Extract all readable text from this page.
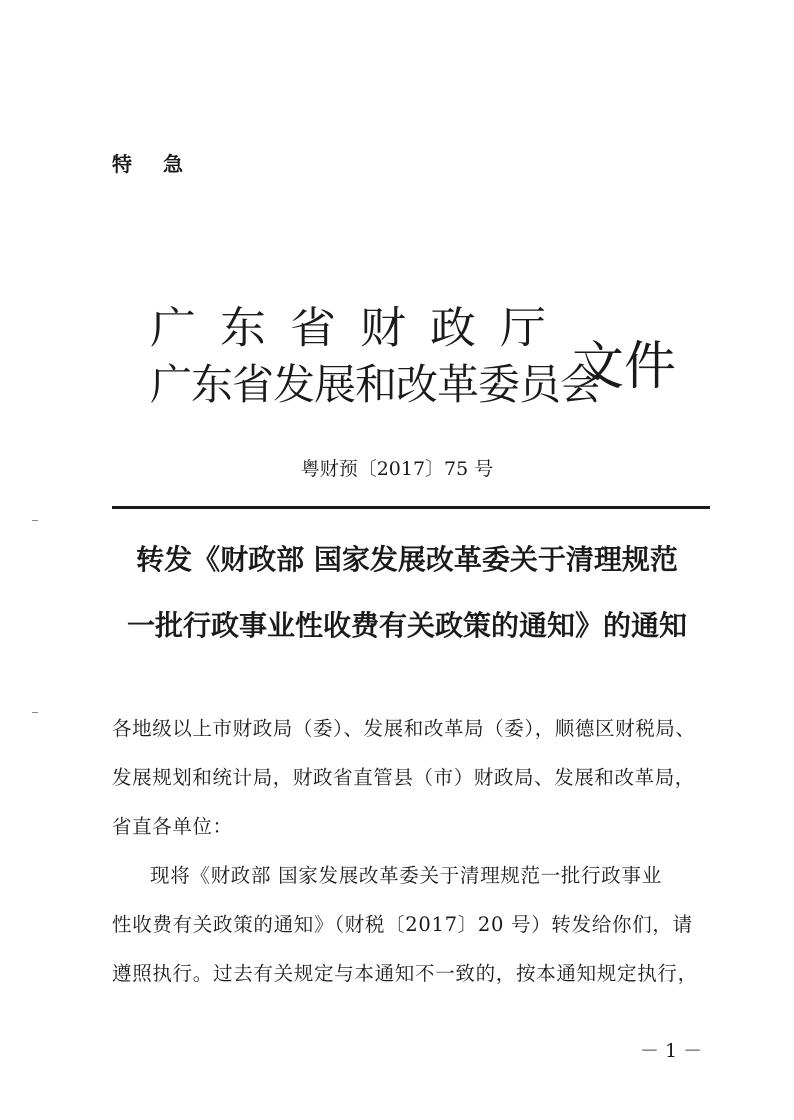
特 急
广东省财政厅
广东省发展和改革委员会
文件
粤财预〔2017〕75 号
转发《财政部 国家发展改革委关于清理规范
一批行政事业性收费有关政策的通知》的通知
各地级以上市财政局（委）、发展和改革局（委），顺德区财税局、
发展规划和统计局，财政省直管县（市）财政局、发展和改革局，
省直各单位：
现将《财政部 国家发展改革委关于清理规范一批行政事业
性收费有关政策的通知》（财税〔2017〕20 号）转发给你们，请
遵照执行。过去有关规定与本通知不一致的，按本通知规定执行，
－ 1 －
